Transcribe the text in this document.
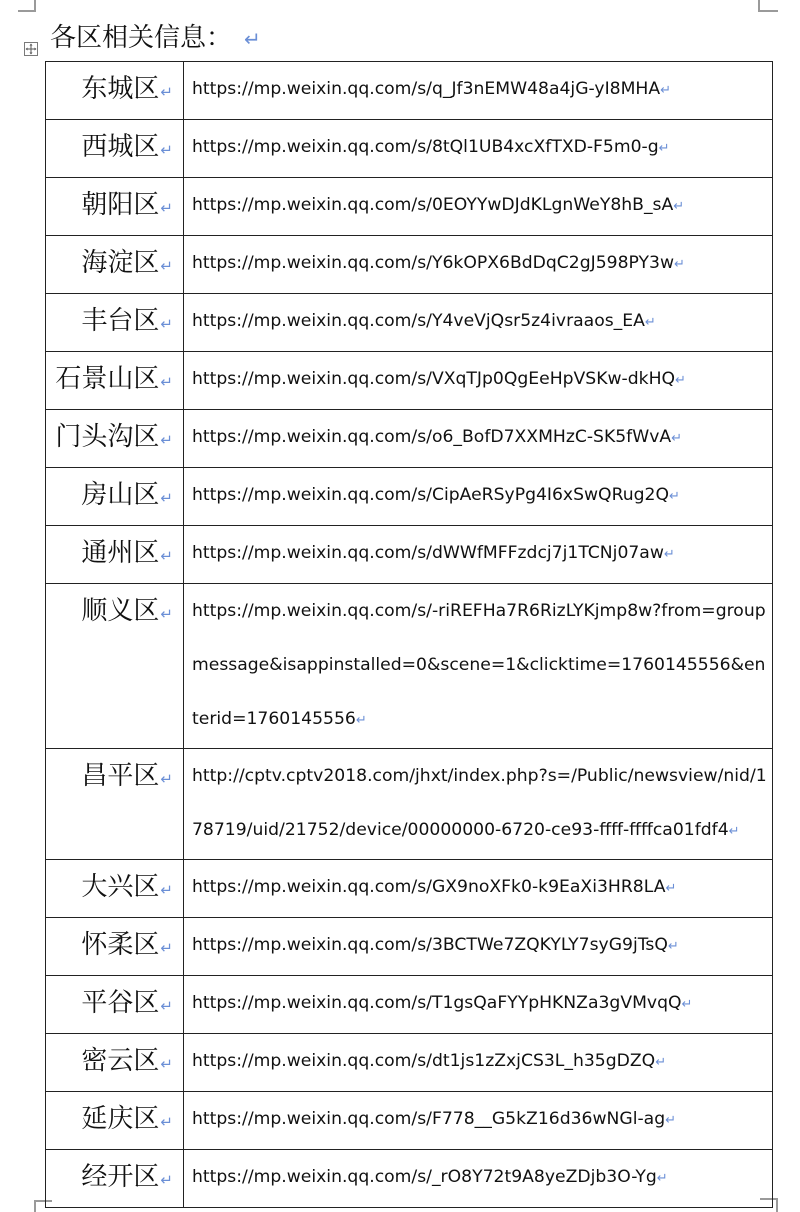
各区相关信息： ↵
东城区↵	https://mp.weixin.qq.com/s/q_Jf3nEMW48a4jG-yI8MHA↵
西城区↵	https://mp.weixin.qq.com/s/8tQl1UB4xcXfTXD-F5m0-g↵
朝阳区↵	https://mp.weixin.qq.com/s/0EOYYwDJdKLgnWeY8hB_sA↵
海淀区↵	https://mp.weixin.qq.com/s/Y6kOPX6BdDqC2gJ598PY3w↵
丰台区↵	https://mp.weixin.qq.com/s/Y4veVjQsr5z4ivraaos_EA↵
石景山区↵	https://mp.weixin.qq.com/s/VXqTJp0QgEeHpVSKw-dkHQ↵
门头沟区↵	https://mp.weixin.qq.com/s/o6_BofD7XXMHzC-SK5fWvA↵
房山区↵	https://mp.weixin.qq.com/s/CipAeRSyPg4I6xSwQRug2Q↵
通州区↵	https://mp.weixin.qq.com/s/dWWfMFFzdcj7j1TCNj07aw↵
顺义区↵	https://mp.weixin.qq.com/s/-riREFHa7R6RizLYKjmp8w?from=groupmessage&isappinstalled=0&scene=1&clicktime=1760145556&enterid=1760145556↵
昌平区↵	http://cptv.cptv2018.com/jhxt/index.php?s=/Public/newsview/nid/178719/uid/21752/device/00000000-6720-ce93-ffff-ffffca01fdf4↵
大兴区↵	https://mp.weixin.qq.com/s/GX9noXFk0-k9EaXi3HR8LA↵
怀柔区↵	https://mp.weixin.qq.com/s/3BCTWe7ZQKYLY7syG9jTsQ↵
平谷区↵	https://mp.weixin.qq.com/s/T1gsQaFYYpHKNZa3gVMvqQ↵
密云区↵	https://mp.weixin.qq.com/s/dt1js1zZxjCS3L_h35gDZQ↵
延庆区↵	https://mp.weixin.qq.com/s/F778__G5kZ16d36wNGl-ag↵
经开区↵	https://mp.weixin.qq.com/s/_rO8Y72t9A8yeZDjb3O-Yg↵
